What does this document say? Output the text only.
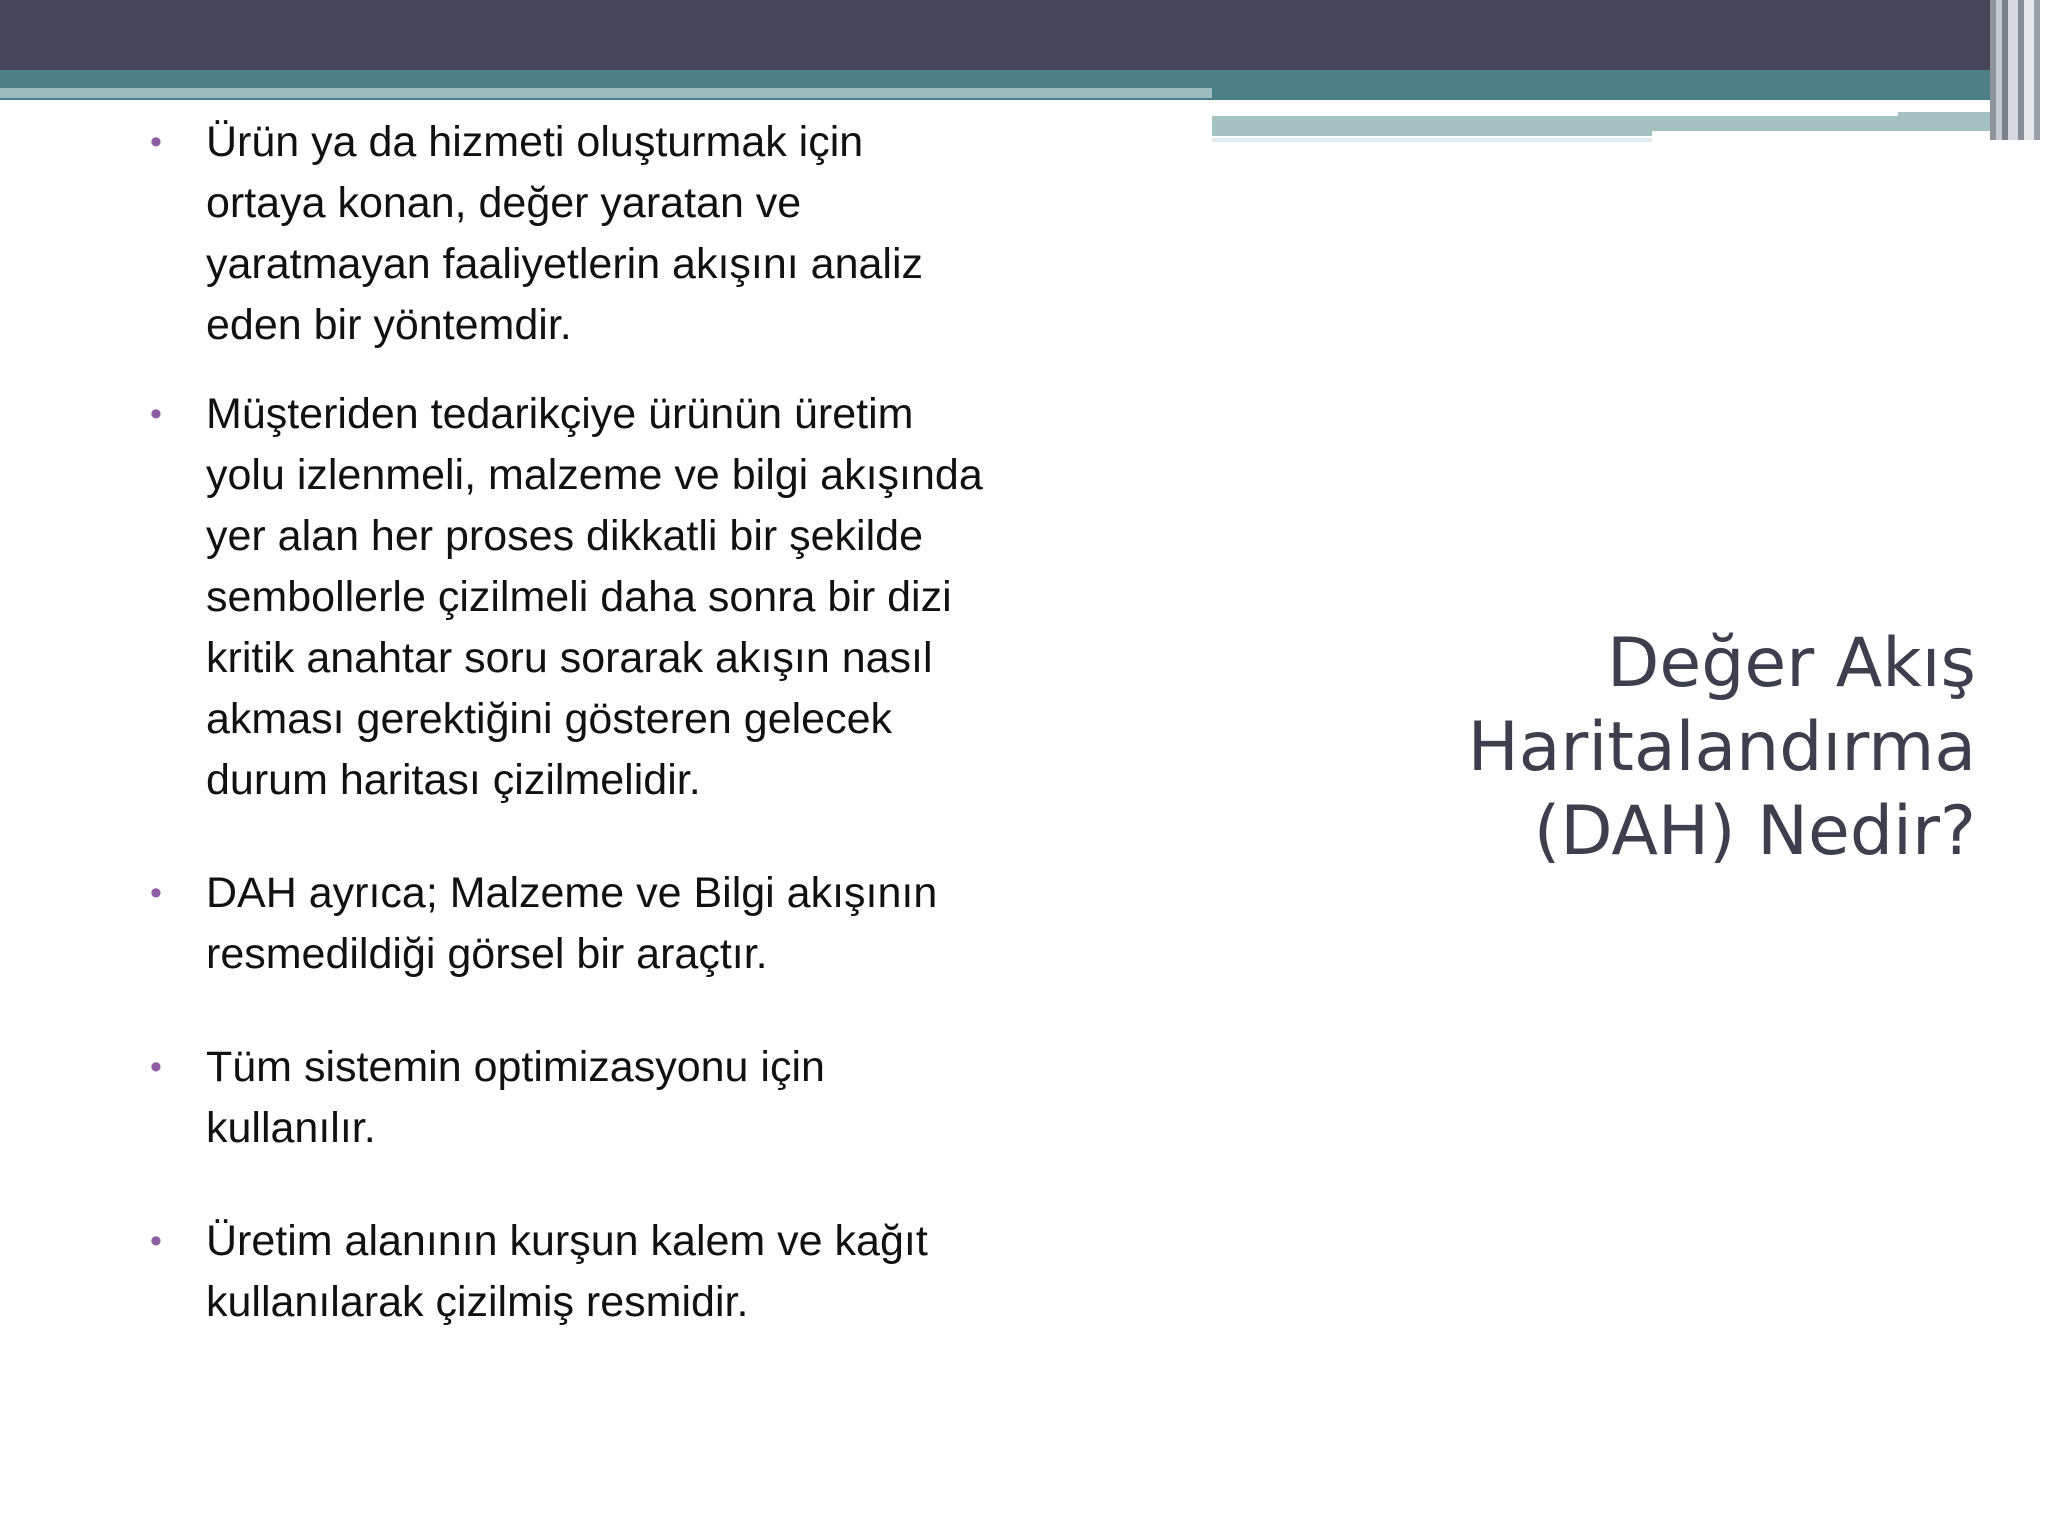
• Ürün ya da hizmeti oluşturmak için
ortaya konan, değer yaratan ve
yaratmayan faaliyetlerin akışını analiz
eden bir yöntemdir.
• Müşteriden tedarikçiye ürünün üretim
yolu izlenmeli, malzeme ve bilgi akışında
yer alan her proses dikkatli bir şekilde
sembollerle çizilmeli daha sonra bir dizi
kritik anahtar soru sorarak akışın nasıl
akması gerektiğini gösteren gelecek
durum haritası çizilmelidir.
• DAH ayrıca; Malzeme ve Bilgi akışının
resmedildiği görsel bir araçtır.
• Tüm sistemin optimizasyonu için
kullanılır.
• Üretim alanının kurşun kalem ve kağıt
kullanılarak çizilmiş resmidir.
Değer Akış
Haritalandırma
(DAH) Nedir?
